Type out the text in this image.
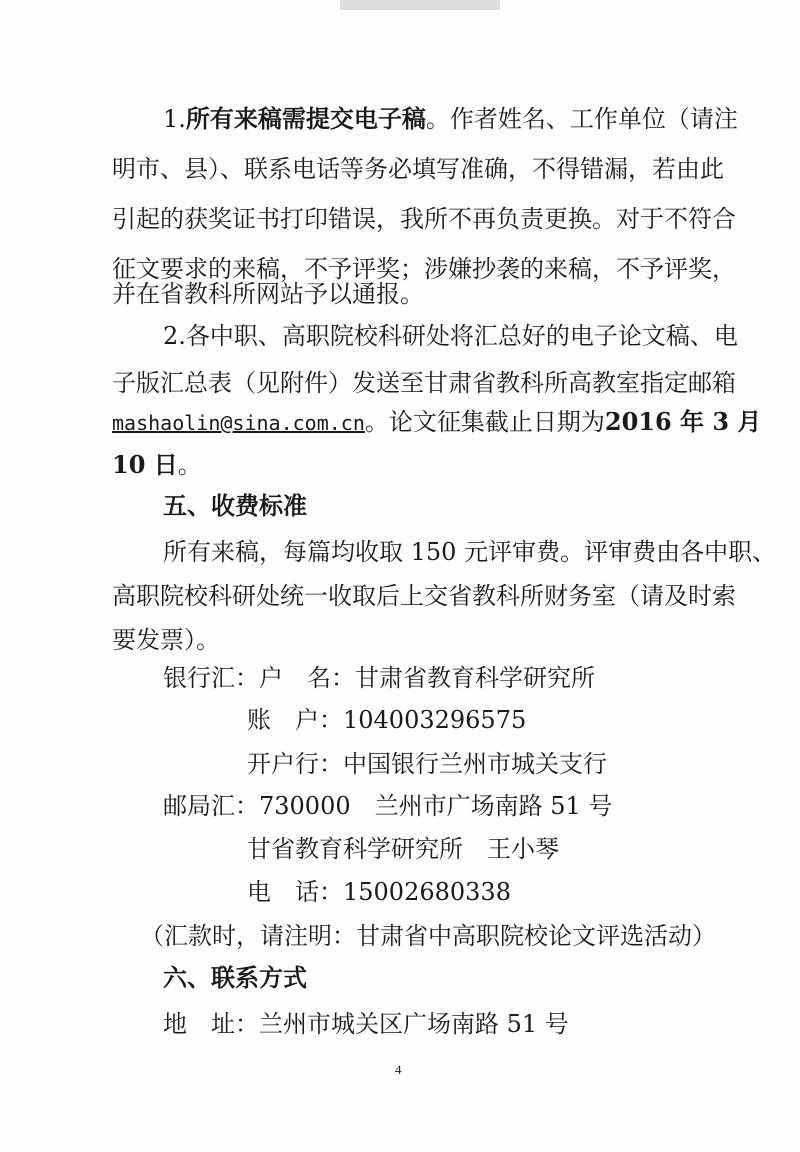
1.所有来稿需提交电子稿。作者姓名、工作单位（请注
明市、县）、联系电话等务必填写准确，不得错漏，若由此
引起的获奖证书打印错误，我所不再负责更换。对于不符合
征文要求的来稿，不予评奖；涉嫌抄袭的来稿，不予评奖，
并在省教科所网站予以通报。
2.各中职、高职院校科研处将汇总好的电子论文稿、电
子版汇总表（见附件）发送至甘肃省教科所高教室指定邮箱
mashaolin@sina.com.cn。论文征集截止日期为2016 年 3 月
10 日。
五、收费标准
所有来稿，每篇均收取 150 元评审费。评审费由各中职、
高职院校科研处统一收取后上交省教科所财务室（请及时索
要发票）。
银行汇：户　名：甘肃省教育科学研究所
账　户：104003296575
开户行：中国银行兰州市城关支行
邮局汇：730000　兰州市广场南路 51 号
甘省教育科学研究所　王小琴
电　话：15002680338
（汇款时，请注明：甘肃省中高职院校论文评选活动）
六、联系方式
地　址：兰州市城关区广场南路 51 号
4
